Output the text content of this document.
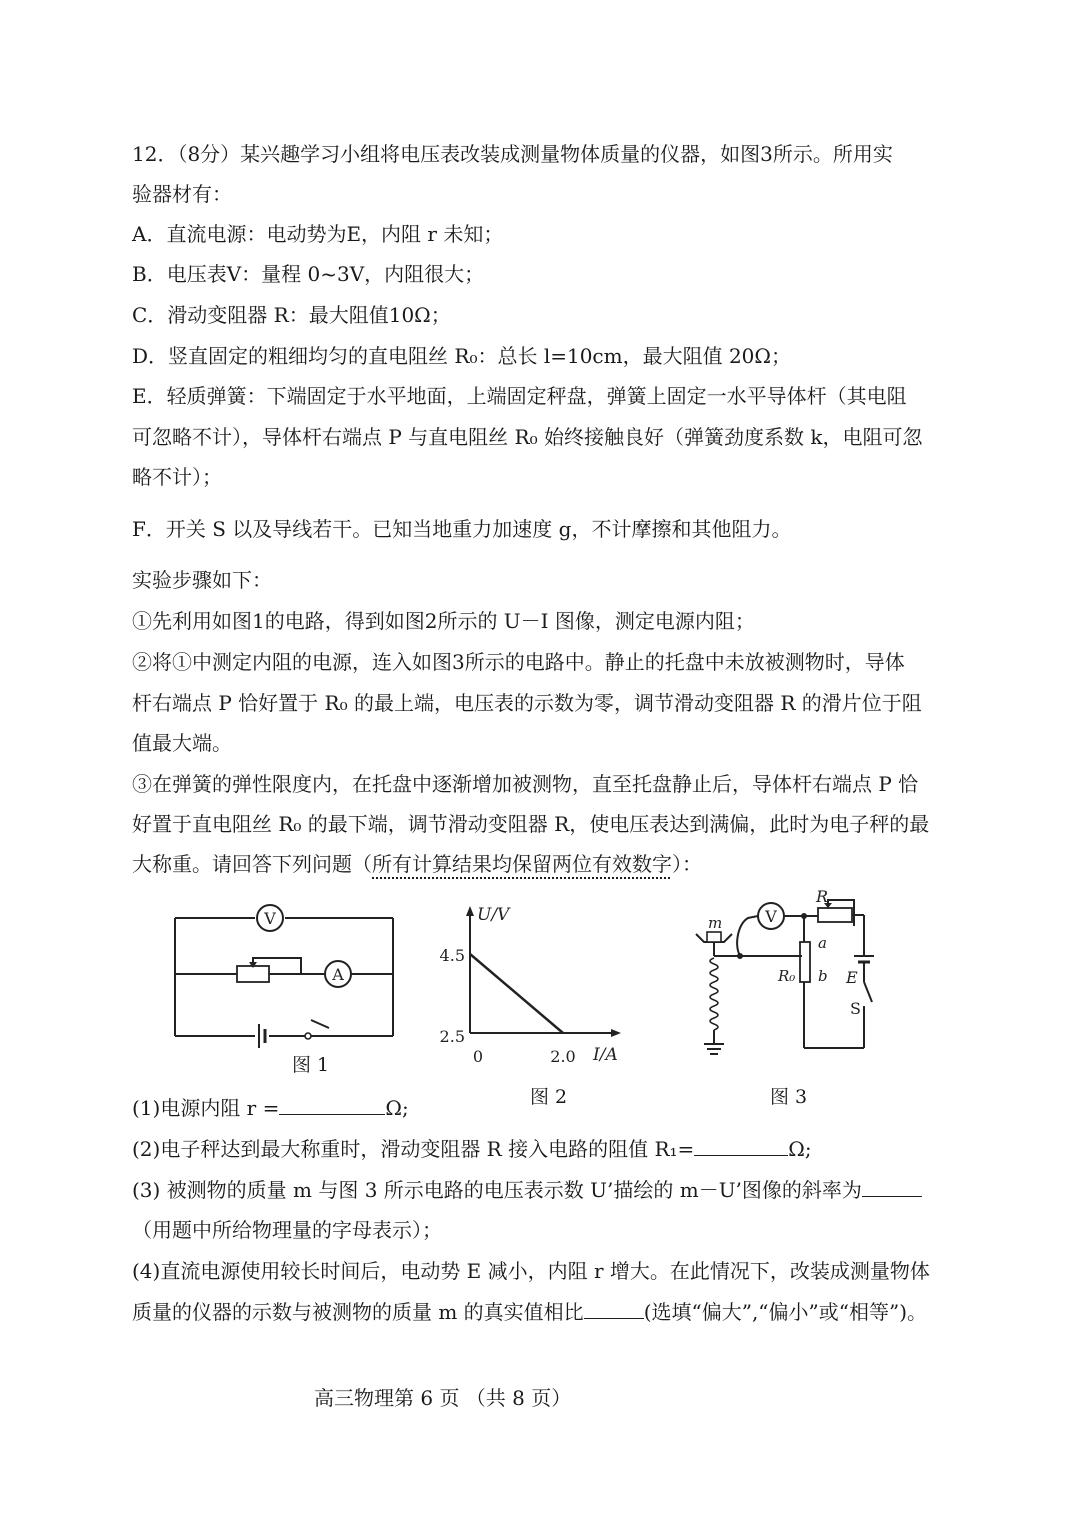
12．（8分）某兴趣学习小组将电压表改装成测量物体质量的仪器，如图3所示。所用实
验器材有：
A．直流电源：电动势为E，内阻 r 未知；
B．电压表V：量程 0~3V，内阻很大；
C．滑动变阻器 R：最大阻值10Ω；
D．竖直固定的粗细均匀的直电阻丝 R₀：总长 l=10cm，最大阻值 20Ω；
E．轻质弹簧：下端固定于水平地面，上端固定秤盘，弹簧上固定一水平导体杆（其电阻
可忽略不计），导体杆右端点 P 与直电阻丝 R₀ 始终接触良好（弹簧劲度系数 k，电阻可忽
略不计）；
F．开关 S 以及导线若干。已知当地重力加速度 g，不计摩擦和其他阻力。
实验步骤如下：
①先利用如图1的电路，得到如图2所示的 U－I 图像，测定电源内阻；
②将①中测定内阻的电源，连入如图3所示的电路中。静止的托盘中未放被测物时，导体
杆右端点 P 恰好置于 R₀ 的最上端，电压表的示数为零，调节滑动变阻器 R 的滑片位于阻
值最大端。
③在弹簧的弹性限度内，在托盘中逐渐增加被测物，直至托盘静止后，导体杆右端点 P 恰
好置于直电阻丝 R₀ 的最下端，调节滑动变阻器 R，使电压表达到满偏，此时为电子秤的最
大称重。请回答下列问题（所有计算结果均保留两位有效数字）：
V
A
图 1
U/V
I/A
4.5
2.5
0	2.0
图 2
V
m
R
a
b
R₀	E
S
图 3
(1)电源内阻 r =	Ω;
(2)电子秤达到最大称重时，滑动变阻器 R 接入电路的阻值 R₁=	Ω;
(3) 被测物的质量 m 与图 3 所示电路的电压表示数 U’描绘的 m－U’图像的斜率为
（用题中所给物理量的字母表示）；
(4)直流电源使用较长时间后，电动势 E 减小，内阻 r 增大。在此情况下，改装成测量物体
质量的仪器的示数与被测物的质量 m 的真实值相比	(选填“偏大”,“偏小”或“相等”)。
高三物理第 6 页 （共 8 页）
